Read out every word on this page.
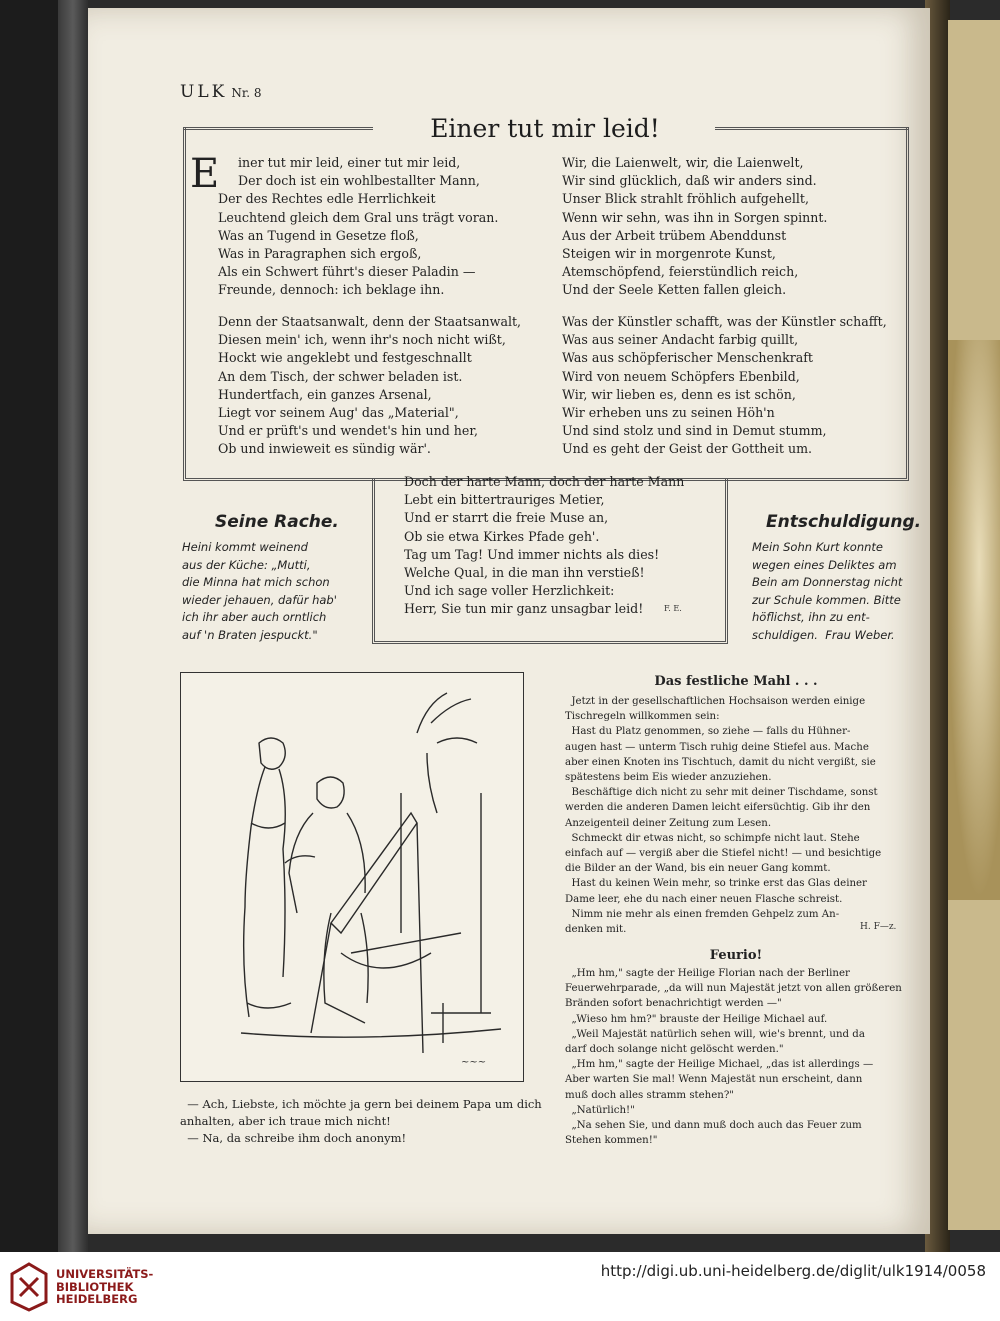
ULK Nr. 8
Einer tut mir leid!
E	iner tut mir leid, einer tut mir leid,
Der doch ist ein wohlbestallter Mann,
Der des Rechtes edle Herrlichkeit
Leuchtend gleich dem Gral uns trägt voran.
Was an Tugend in Gesetze floß,
Was in Paragraphen sich ergoß,
Als ein Schwert führt's dieser Paladin —
Freunde, dennoch: ich beklage ihn.
Wir, die Laienwelt, wir, die Laienwelt,
Wir sind glücklich, daß wir anders sind.
Unser Blick strahlt fröhlich aufgehellt,
Wenn wir sehn, was ihn in Sorgen spinnt.
Aus der Arbeit trübem Abenddunst
Steigen wir in morgenrote Kunst,
Atemschöpfend, feierstündlich reich,
Und der Seele Ketten fallen gleich.
Denn der Staatsanwalt, denn der Staatsanwalt,
Diesen mein' ich, wenn ihr's noch nicht wißt,
Hockt wie angeklebt und festgeschnallt
An dem Tisch, der schwer beladen ist.
Hundertfach, ein ganzes Arsenal,
Liegt vor seinem Aug' das „Material",
Und er prüft's und wendet's hin und her,
Ob und inwieweit es sündig wär'.
Was der Künstler schafft, was der Künstler schafft,
Was aus seiner Andacht farbig quillt,
Was aus schöpferischer Menschenkraft
Wird von neuem Schöpfers Ebenbild,
Wir, wir lieben es, denn es ist schön,
Wir erheben uns zu seinen Höh'n
Und sind stolz und sind in Demut stumm,
Und es geht der Geist der Gottheit um.
Doch der harte Mann, doch der harte Mann
Lebt ein bittertrauriges Metier,
Und er starrt die freie Muse an,
Ob sie etwa Kirkes Pfade geh'.
Tag um Tag! Und immer nichts als dies!
Welche Qual, in die man ihn verstieß!
Und ich sage voller Herzlichkeit:
Herr, Sie tun mir ganz unsagbar leid!	F. E.
Seine Rache.
Heini kommt weinend
aus der Küche: „Mutti,
die Minna hat mich schon
wieder jehauen, dafür hab'
ich ihr aber auch orntlich
auf 'n Braten jespuckt."
Entschuldigung.
Mein Sohn Kurt konnte
wegen eines Deliktes am
Bein am Donnerstag nicht
zur Schule kommen. Bitte
höflichst, ihn zu ent-
schuldigen.  Frau Weber.
~~~
— Ach, Liebste, ich möchte ja gern bei deinem Papa um dich
anhalten, aber ich traue mich nicht!
— Na, da schreibe ihm doch anonym!
Das festliche Mahl . . .
Jetzt in der gesellschaftlichen Hochsaison werden einige
Tischregeln willkommen sein:
Hast du Platz genommen, so ziehe — falls du Hühner-
augen hast — unterm Tisch ruhig deine Stiefel aus. Mache
aber einen Knoten ins Tischtuch, damit du nicht vergißt, sie
spätestens beim Eis wieder anzuziehen.
Beschäftige dich nicht zu sehr mit deiner Tischdame, sonst
werden die anderen Damen leicht eifersüchtig. Gib ihr den
Anzeigenteil deiner Zeitung zum Lesen.
Schmeckt dir etwas nicht, so schimpfe nicht laut. Stehe
einfach auf — vergiß aber die Stiefel nicht! — und besichtige
die Bilder an der Wand, bis ein neuer Gang kommt.
Hast du keinen Wein mehr, so trinke erst das Glas deiner
Dame leer, ehe du nach einer neuen Flasche schreist.
Nimm nie mehr als einen fremden Gehpelz zum An-
denken mit.	H. F—z.
Feurio!
„Hm hm," sagte der Heilige Florian nach der Berliner
Feuerwehrparade, „da will nun Majestät jetzt von allen größeren
Bränden sofort benachrichtigt werden —"
„Wieso hm hm?" brauste der Heilige Michael auf.
„Weil Majestät natürlich sehen will, wie's brennt, und da
darf doch solange nicht gelöscht werden."
„Hm hm," sagte der Heilige Michael, „das ist allerdings —
Aber warten Sie mal! Wenn Majestät nun erscheint, dann
muß doch alles stramm stehen?"
„Natürlich!"
„Na sehen Sie, und dann muß doch auch das Feuer zum
Stehen kommen!"
UNIVERSITÄTS-
BIBLIOTHEK
HEIDELBERG
http://digi.ub.uni-heidelberg.de/diglit/ulk1914/0058
